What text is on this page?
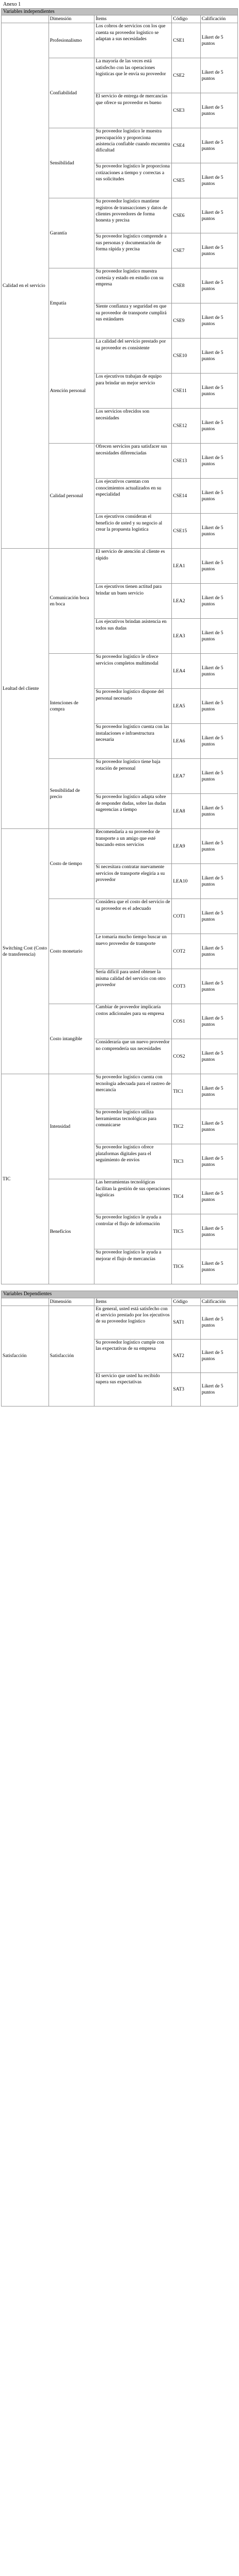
Anexo 1
Variables independientes				
	Dimensión	Ítems	Código	Calificación
Calidad en el servicio	Profesionalismo	Los cobros de servicios con los que cuenta su proveedor logístico se adaptan a sus necesidades	CSE1	Likert de 5 puntos
	Confiabilidad	La mayoría de las veces está satisfecho con las operaciones logísticas que le envía su proveedor	CSE2	Likert de 5 puntos
		El servicio de entrega de mercancías que ofrece su proveedor es bueno	CSE3	Likert de 5 puntos
	Sensibilidad	Su proveedor logístico le muestra preocupación y proporciona asistencia confiable cuando encuentra dificultad	CSE4	Likert de 5 puntos
		Su proveedor logístico le proporciona cotizaciones a tiempo y correctas a sus solicitudes	CSE5	Likert de 5 puntos
	Garantía	Su proveedor logístico mantiene registros de transacciones y datos de clientes proveedores de forma honesta y precisa	CSE6	Likert de 5 puntos
		Su proveedor logístico comprende a sus personas y documentación de forma rápida y precisa	CSE7	Likert de 5 puntos
	Empatía	Su proveedor logístico muestra cortesía y estado en estudio con su empresa	CSE8	Likert de 5 puntos
		Siente confianza y seguridad en que su proveedor de transporte cumplirá sus estándares	CSE9	Likert de 5 puntos
	Atención personal	La calidad del servicio prestado por su proveedor es consistente	CSE10	Likert de 5 puntos
		Los ejecutivos trabajan de equipo para brindar un mejor servicio	CSE11	Likert de 5 puntos
		Los servicios ofrecidos son necesidades	CSE12	Likert de 5 puntos
	Calidad personal	Ofrecen servicios para satisfacer sus necesidades diferenciadas	CSE13	Likert de 5 puntos
		Los ejecutivos cuentan con conocimientos actualizados en su especialidad	CSE14	Likert de 5 puntos
		Los ejecutivos consideran el beneficio de usted y su negocio al crear la propuesta logística	CSE15	Likert de 5 puntos
Lealtad del cliente	Comunicación boca en boca	El servicio de atención al cliente es rápido	LEA1	Likert de 5 puntos
		Los ejecutivos tienen actitud para brindar un buen servicio	LEA2	Likert de 5 puntos
		Los ejecutivos brindan asistencia en todos sus dudas	LEA3	Likert de 5 puntos
	Intenciones de compra	Su proveedor logístico le ofrece servicios completos multimodal	LEA4	Likert de 5 puntos
		Su proveedor logístico dispone del personal necesario	LEA5	Likert de 5 puntos
		Su proveedor logístico cuenta con las instalaciones e infraestructura necesaria	LEA6	Likert de 5 puntos
	Sensibilidad de precio	Su proveedor logístico tiene baja rotación de personal	LEA7	Likert de 5 puntos
		Su proveedor logístico adapta sobre de responder dudas, sobre las dudas sugerencias a tiempo	LEA8	Likert de 5 puntos
Switching Cost (Costo de transferencia)	Costo de tiempo	Recomendaría a su proveedor de transporte a un amigo que esté buscando estos servicios	LEA9	Likert de 5 puntos
		Si necesitara contratar nuevamente servicios de transporte elegiría a su proveedor	LEA10	Likert de 5 puntos
	Costo monetario	Considera que el costo del servicio de su proveedor es el adecuado	COT1	Likert de 5 puntos
		Le tomaría mucho tiempo buscar un nuevo proveedor de transporte	COT2	Likert de 5 puntos
		Sería difícil para usted obtener la misma calidad del servicio con otro proveedor	COT3	Likert de 5 puntos
	Costo intangible	Cambiar de proveedor implicaría costos adicionales para su empresa	COS1	Likert de 5 puntos
		Consideraría que un nuevo proveedor no comprendería sus necesidades	COS2	Likert de 5 puntos
TIC	Intensidad	Su proveedor logístico cuenta con tecnología adecuada para el rastreo de mercancía	TIC1	Likert de 5 puntos
		Su proveedor logístico utiliza herramientas tecnológicas para comunicarse	TIC2	Likert de 5 puntos
		Su proveedor logístico ofrece plataformas digitales para el seguimiento de envíos	TIC3	Likert de 5 puntos
	Beneficios	Las herramientas tecnológicas facilitan la gestión de sus operaciones logísticas	TIC4	Likert de 5 puntos
		Su proveedor logístico le ayuda a controlar el flujo de información	TIC5	Likert de 5 puntos
		Su proveedor logístico le ayuda a mejorar el flujo de mercancías	TIC6	Likert de 5 puntos
Variables Dependientes				
	Dimensión	Ítems	Código	Calificación
Satisfacción	Satisfacción	En general, usted está satisfecho con el servicio prestado por los ejecutivos de su proveedor logístico	SAT1	Likert de 5 puntos
		Su proveedor logístico cumple con las expectativas de su empresa	SAT2	Likert de 5 puntos
		El servicio que usted ha recibido supera sus expectativas	SAT3	Likert de 5 puntos
